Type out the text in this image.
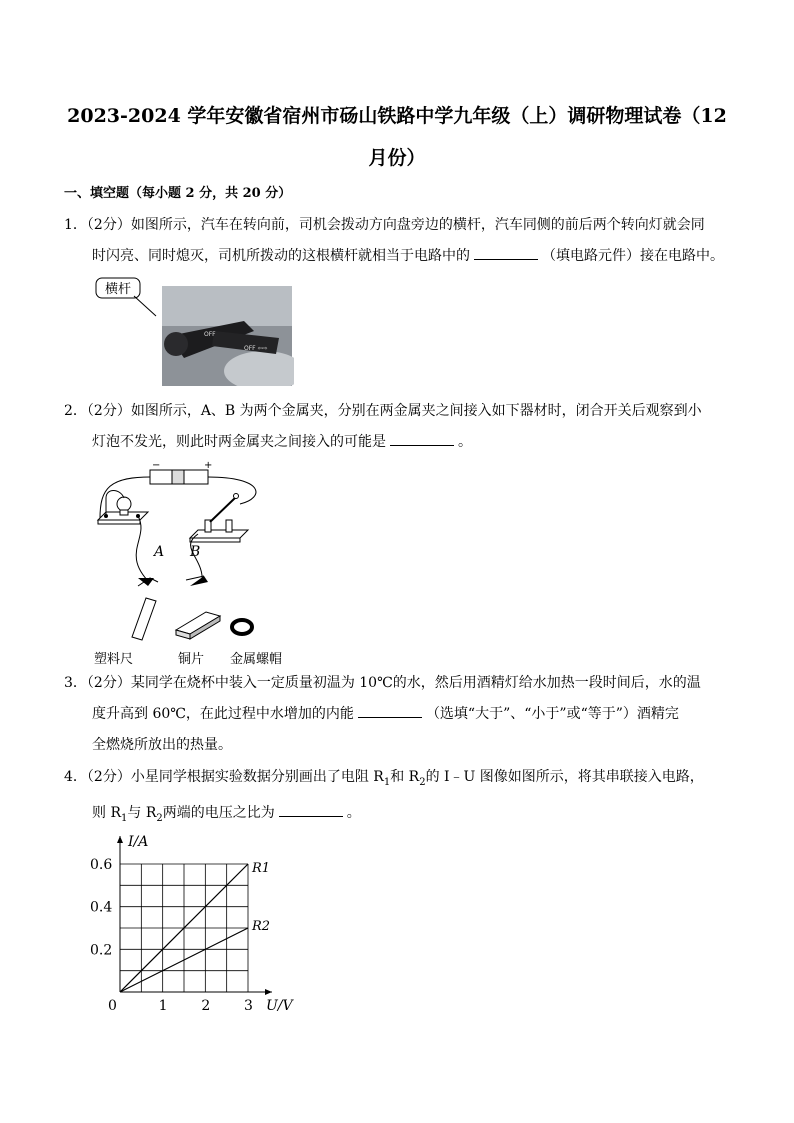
2023-2024 学年安徽省宿州市砀山铁路中学九年级（上）调研物理试卷（12
月份）
一、填空题（每小题 2 分，共 20 分）
1．（2分）如图所示，汽车在转向前，司机会拨动方向盘旁边的横杆，汽车同侧的前后两个转向灯就会同
时闪亮、同时熄灭，司机所拨动的这根横杆就相当于电路中的	（填电路元件）接在电路中。
OFF
OFF ⇦⇨
横杆
2．（2分）如图所示，A、B 为两个金属夹，分别在两金属夹之间接入如下器材时，闭合开关后观察到小
灯泡不发光，则此时两金属夹之间接入的可能是	。
−	+
A B
塑料尺	铜片 金属螺帽
3．（2分）某同学在烧杯中装入一定质量初温为 10℃的水，然后用酒精灯给水加热一段时间后，水的温
度升高到 60℃，在此过程中水增加的内能	（选填“大于”、“小于”或“等于”）酒精完
全燃烧所放出的热量。
4．（2分）小星同学根据实验数据分别画出了电阻 $R_1$和 $R_2$的 I﹣U 图像如图所示，将其串联接入电路，
则 $R_1$与 $R_2$两端的电压之比为	。
0	1 2 3
0.2
0.4
0.6
U/V
I/A
R1
R2
